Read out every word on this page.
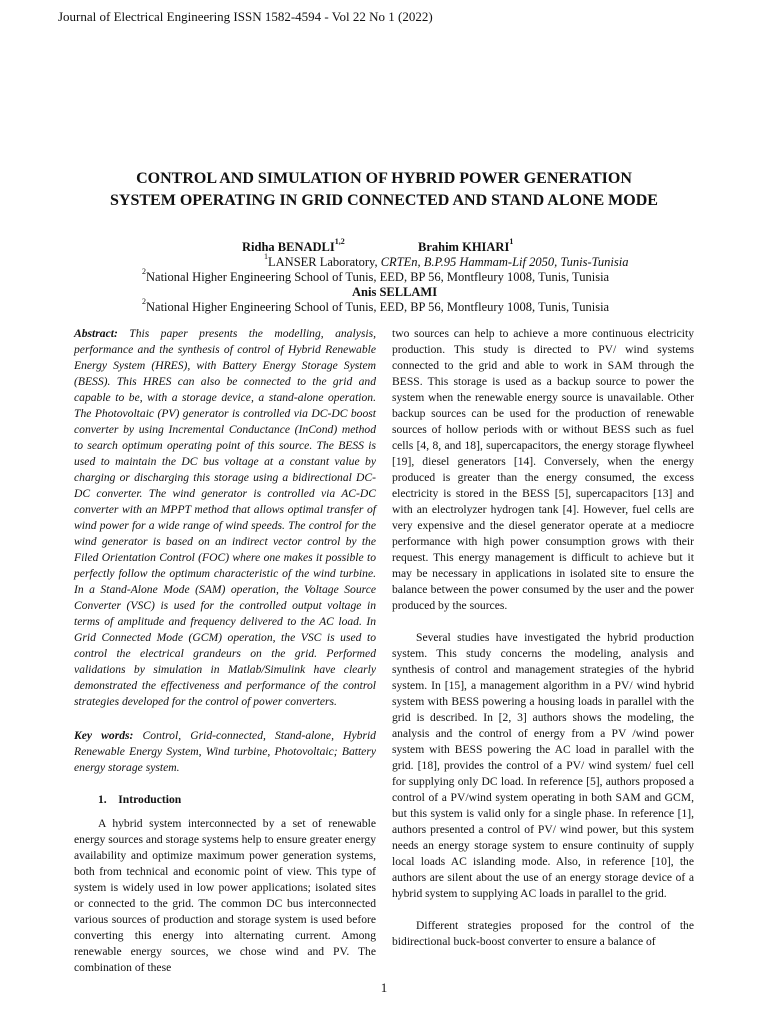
Journal of Electrical Engineering ISSN 1582-4594 - Vol 22 No 1 (2022)
CONTROL AND SIMULATION OF HYBRID POWER GENERATION
SYSTEM OPERATING IN GRID CONNECTED AND STAND ALONE MODE
Ridha BENADLI$^{1,2}$	Brahim KHIARI$^1$
$^1$LANSER Laboratory, CRTEn, B.P.95 Hammam-Lif 2050, Tunis-Tunisia
$^2$National Higher Engineering School of Tunis, EED, BP 56, Montfleury 1008, Tunis, Tunisia
Anis SELLAMI
$^2$National Higher Engineering School of Tunis, EED, BP 56, Montfleury 1008, Tunis, Tunisia

Abstract: This paper presents the modelling, analysis, performance and the synthesis of control of Hybrid Renewable Energy System (HRES), with Battery Energy Storage System (BESS). This HRES can also be connected to the grid and capable to be, with a storage device, a stand-alone operation. The Photovoltaic (PV) generator is controlled via DC-DC boost converter by using Incremental Conductance (InCond) method to search optimum operating point of this source. The BESS is used to maintain the DC bus voltage at a constant value by charging or discharging this storage using a bidirectional DC-DC converter. The wind generator is controlled via AC-DC converter with an MPPT method that allows optimal transfer of wind power for a wide range of wind speeds. The control for the wind generator is based on an indirect vector control by the Filed Orientation Control (FOC) where one makes it possible to perfectly follow the optimum characteristic of the wind turbine. In a Stand-Alone Mode (SAM) operation, the Voltage Source Converter (VSC) is used for the controlled output voltage in terms of amplitude and frequency delivered to the AC load. In Grid Connected Mode (GCM) operation, the VSC is used to control the electrical grandeurs on the grid. Performed validations by simulation in Matlab/Simulink have clearly demonstrated the effectiveness and performance of the control strategies developed for the control of power converters.

Key words: Control, Grid-connected, Stand-alone, Hybrid Renewable Energy System, Wind turbine, Photovoltaic; Battery energy storage system.

1.    Introduction

A hybrid system interconnected by a set of renewable energy sources and storage systems help to ensure greater energy availability and optimize maximum power generation systems, both from technical and economic point of view. This type of system is widely used in low power applications; isolated sites or connected to the grid. The common DC bus interconnected various sources of production and storage system is used before converting this energy into alternating current. Among renewable energy sources, we chose wind and PV. The combination of these

two sources can help to achieve a more continuous electricity production. This study is directed to PV/ wind systems connected to the grid and able to work in SAM through the BESS. This storage is used as a backup source to power the system when the renewable energy source is unavailable. Other backup sources can be used for the production of renewable sources of hollow periods with or without BESS such as fuel cells [4, 8, and 18], supercapacitors, the energy storage flywheel [19], diesel generators [14]. Conversely, when the energy produced is greater than the energy consumed, the excess electricity is stored in the BESS [5], supercapacitors [13] and with an electrolyzer hydrogen tank [4]. However, fuel cells are very expensive and the diesel generator operate at a mediocre performance with high power consumption grows with their request. This energy management is difficult to achieve but it may be necessary in applications in isolated site to ensure the balance between the power consumed by the user and the power produced by the sources.

Several studies have investigated the hybrid production system. This study concerns the modeling, analysis and synthesis of control and management strategies of the hybrid system. In [15], a management algorithm in a PV/ wind hybrid system with BESS powering a housing loads in parallel with the grid is described. In [2, 3] authors shows the modeling, the analysis and the control of energy from a PV /wind power system with BESS powering the AC load in parallel with the grid. [18], provides the control of a PV/ wind system/ fuel cell for supplying only DC load. In reference [5], authors proposed a control of a PV/wind system operating in both SAM and GCM, but this system is valid only for a single phase. In reference [1], authors presented a control of PV/ wind power, but this system needs an energy storage system to ensure continuity of supply local loads AC islanding mode. Also, in reference [10], the authors are silent about the use of an energy storage device of a hybrid system to supplying AC loads in parallel to the grid.

Different strategies proposed for the control of the bidirectional buck-boost converter to ensure a balance of

1
